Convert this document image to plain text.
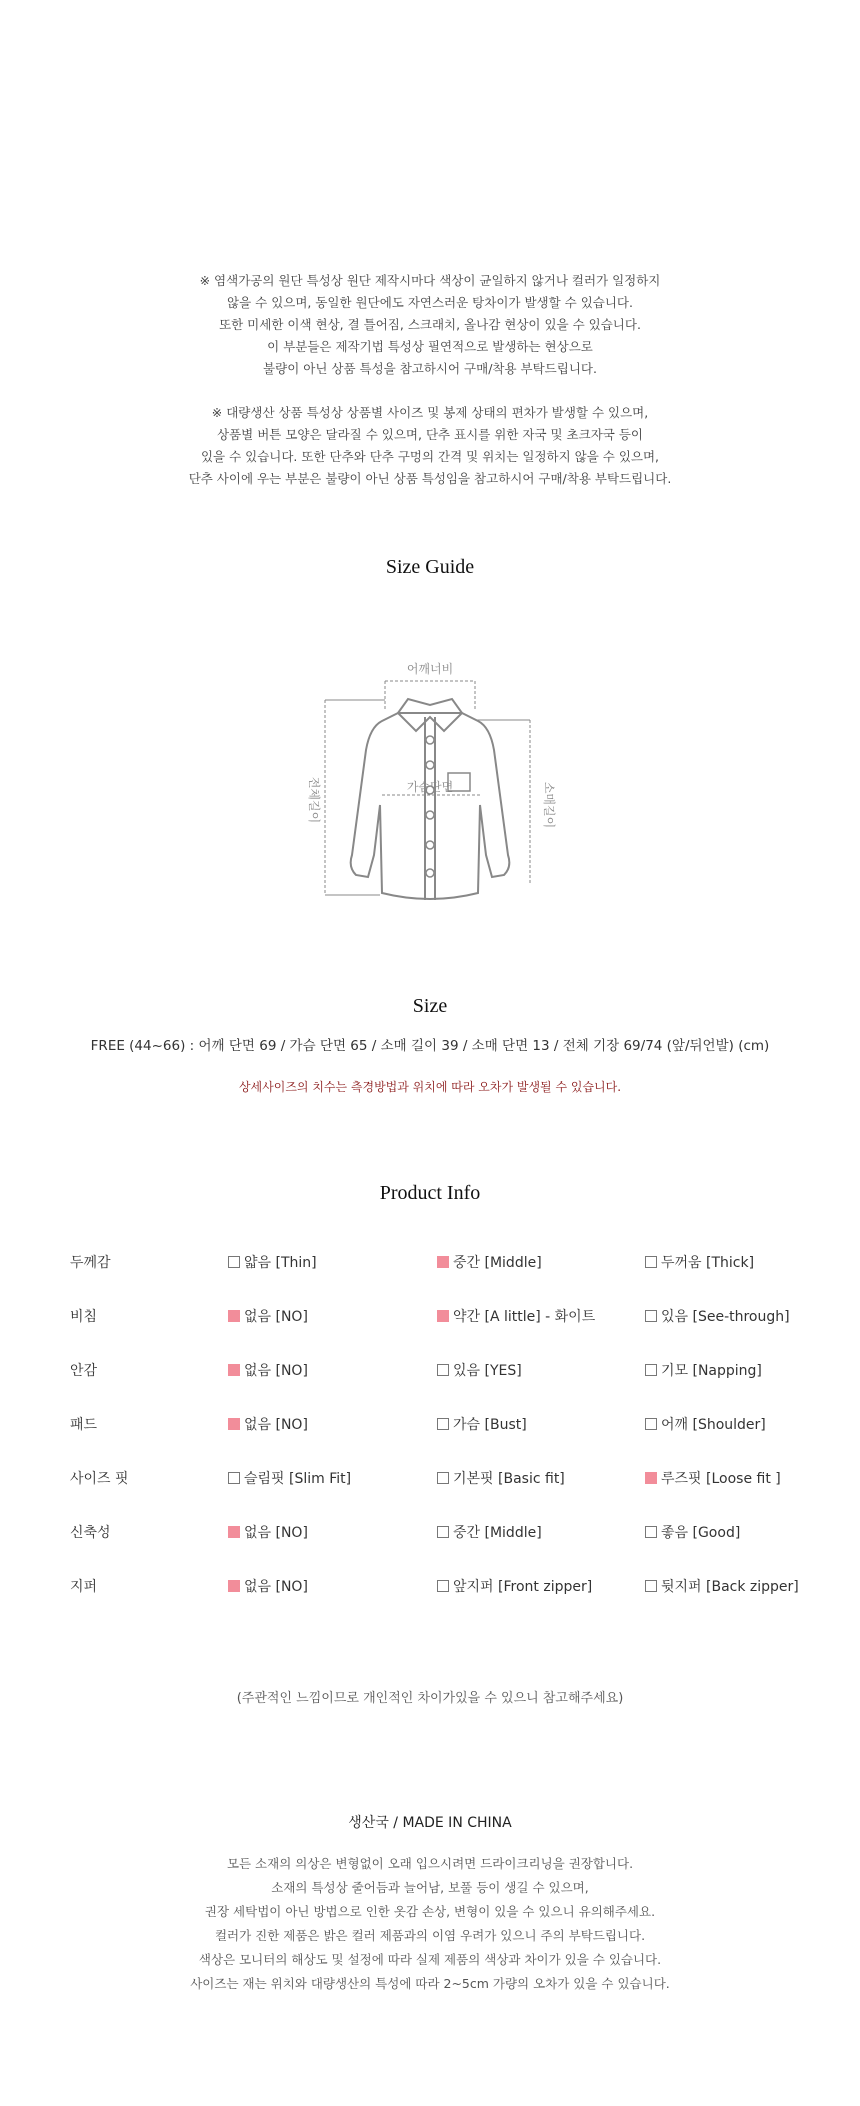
※ 염색가공의 원단 특성상 원단 제작시마다 색상이 균일하지 않거나 컬러가 일정하지

않을 수 있으며, 동일한 원단에도 자연스러운 탕차이가 발생할 수 있습니다.

또한 미세한 이색 현상, 결 틀어짐, 스크래치, 올나감 현상이 있을 수 있습니다.

이 부분들은 제작기법 특성상 필연적으로 발생하는 현상으로

불량이 아닌 상품 특성을 참고하시어 구매/착용 부탁드립니다.

※ 대량생산 상품 특성상 상품별 사이즈 및 봉제 상태의 편차가 발생할 수 있으며,

상품별 버튼 모양은 달라질 수 있으며, 단추 표시를 위한 자국 및 초크자국 등이

있을 수 있습니다. 또한 단추와 단추 구멍의 간격 및 위치는 일정하지 않을 수 있으며,

단추 사이에 우는 부분은 불량이 아닌 상품 특성임을 참고하시어 구매/착용 부탁드립니다.

Size Guide
어깨너비
전체길이	소매길이
가슴단면
Size
FREE (44~66) : 어깨 단면 69 / 가슴 단면 65 / 소매 길이 39 / 소매 단면 13 / 전체 기장 69/74 (앞/뒤언발) (cm)
상세사이즈의 치수는 측경방법과 위치에 따라 오차가 발생될 수 있습니다.
Product Info
두께감	얇음 [Thin]	중간 [Middle]	두꺼움 [Thick]
비침	없음 [NO]	약간 [A little] - 화이트	있음 [See-through]
안감	없음 [NO]	있음 [YES]	기모 [Napping]
패드	없음 [NO]	가슴 [Bust]	어깨 [Shoulder]
사이즈 핏	슬림핏 [Slim Fit]	기본핏 [Basic fit]	루즈핏 [Loose fit ]
신축성	없음 [NO]	중간 [Middle]	좋음 [Good]
지퍼	없음 [NO]	앞지퍼 [Front zipper]	뒷지퍼 [Back zipper]
(주관적인 느낌이므로 개인적인 차이가있을 수 있으니 참고해주세요)
생산국 / MADE IN CHINA

모든 소재의 의상은 변형없이 오래 입으시려면 드라이크리닝을 권장합니다.

소재의 특성상 줄어듬과 늘어남, 보풀 등이 생길 수 있으며,

권장 세탁법이 아닌 방법으로 인한 옷감 손상, 변형이 있을 수 있으니 유의해주세요.

컬러가 진한 제품은 밝은 컬러 제품과의 이염 우려가 있으니 주의 부탁드립니다.

색상은 모니터의 해상도 및 설정에 따라 실제 제품의 색상과 차이가 있을 수 있습니다.

사이즈는 재는 위치와 대량생산의 특성에 따라 2~5cm 가량의 오차가 있을 수 있습니다.
